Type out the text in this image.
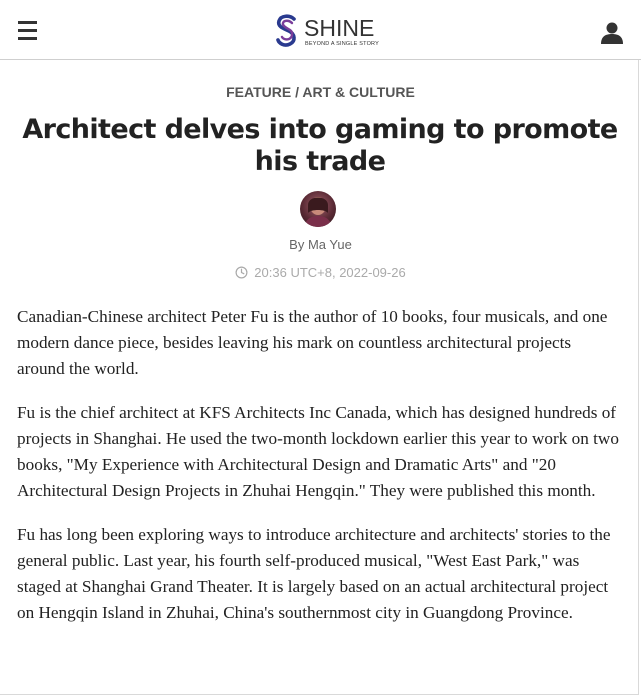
SHINE
BEYOND A SINGLE STORY
FEATURE / ART & CULTURE
Architect delves into gaming to promote his trade
By Ma Yue
20:36 UTC+8, 2022-09-26

Canadian-Chinese architect Peter Fu is the author of 10 books, four musicals, and one modern dance piece, besides leaving his mark on countless architectural projects around the world.

Fu is the chief architect at KFS Architects Inc Canada, which has designed hundreds of projects in Shanghai. He used the two-month lockdown earlier this year to work on two books, "My Experience with Architectural Design and Dramatic Arts" and "20 Architectural Design Projects in Zhuhai Hengqin." They were published this month.

Fu has long been exploring ways to introduce architecture and architects' stories to the general public. Last year, his fourth self-produced musical, "West East Park," was staged at Shanghai Grand Theater. It is largely based on an actual architectural project on Hengqin Island in Zhuhai, China's southernmost city in Guangdong Province.
